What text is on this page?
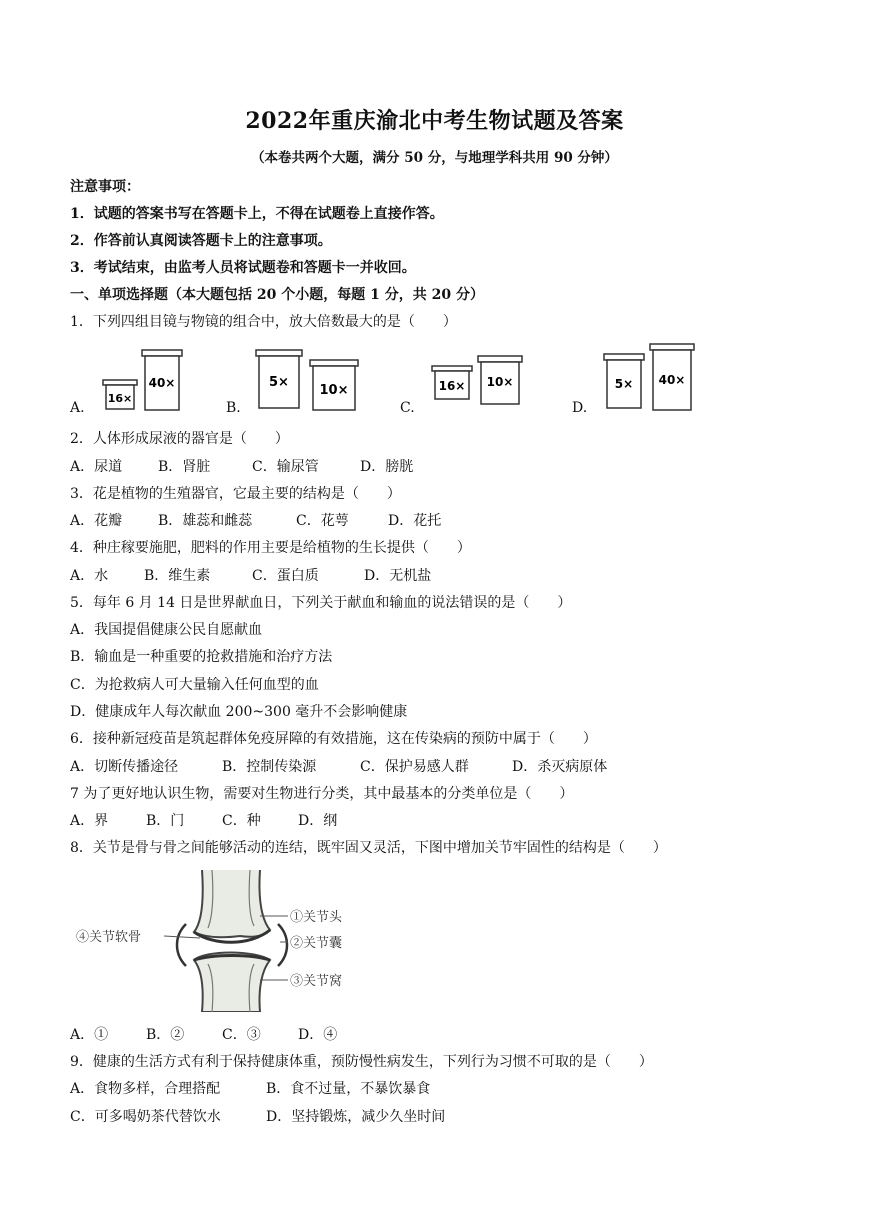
2022年重庆渝北中考生物试题及答案
（本卷共两个大题，满分 50 分，与地理学科共用 90 分钟）
注意事项：
1．试题的答案书写在答题卡上，不得在试题卷上直接作答。
2．作答前认真阅读答题卡上的注意事项。
3．考试结束，由监考人员将试题卷和答题卡一并收回。
一、单项选择题（本大题包括 20 个小题，每题 1 分，共 20 分）
1．下列四组目镜与物镜的组合中，放大倍数最大的是（　　）
A.
16×
40×
B.
5×
10×
C.
16× 10×
D.
5× 40×
2．人体形成尿液的器官是（　　）
A．尿道	B．肾脏	C．输尿管	D．膀胱
3．花是植物的生殖器官，它最主要的结构是（　　）
A．花瓣	B．雄蕊和雌蕊	C．花萼	D．花托
4．种庄稼要施肥，肥料的作用主要是给植物的生长提供（　　）
A．水	B．维生素	C．蛋白质	D．无机盐
5．每年 6 月 14 日是世界献血日，下列关于献血和输血的说法错误的是（　　）
A．我国提倡健康公民自愿献血
B．输血是一种重要的抢救措施和治疗方法
C．为抢救病人可大量输入任何血型的血
D．健康成年人每次献血 200~300 毫升不会影响健康
6．接种新冠疫苗是筑起群体免疫屏障的有效措施，这在传染病的预防中属于（　　）
A．切断传播途径	B．控制传染源	C．保护易感人群	D．杀灭病原体
7 为了更好地认识生物，需要对生物进行分类，其中最基本的分类单位是（　　）
A．界	B．门	C．种	D．纲
8．关节是骨与骨之间能够活动的连结，既牢固又灵活，下图中增加关节牢固性的结构是（　　）
①关节头
②关节囊
③关节窝
④关节软骨
A．①	B．②	C．③	D．④
9．健康的生活方式有利于保持健康体重，预防慢性病发生，下列行为习惯不可取的是（　　）
A．食物多样，合理搭配	B．食不过量，不暴饮暴食
C．可多喝奶茶代替饮水	D．坚持锻炼，减少久坐时间
